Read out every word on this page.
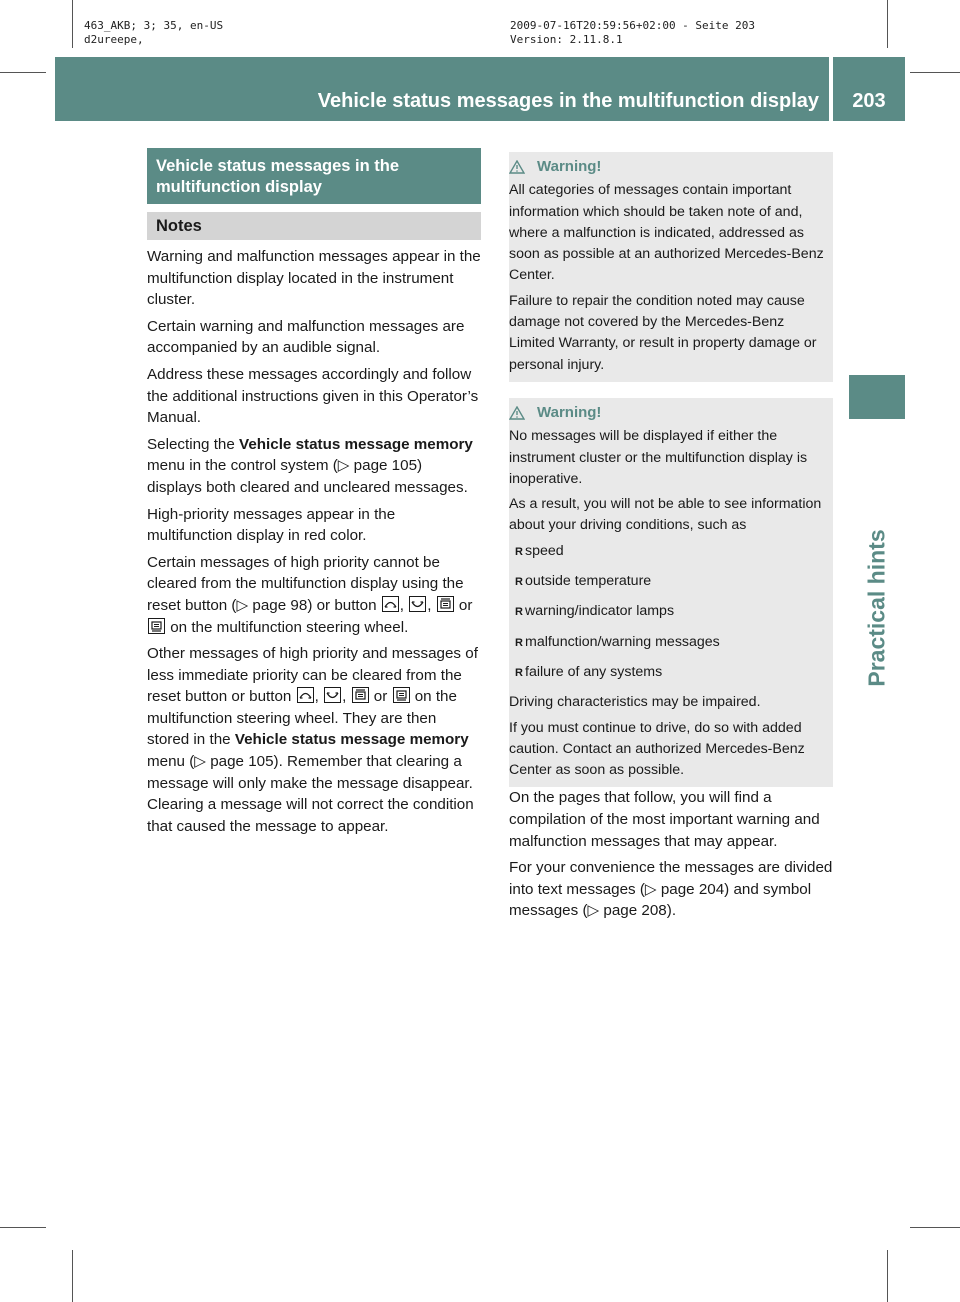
463_AKB; 3; 35, en-US
d2ureepe,
2009-07-16T20:59:56+02:00 - Seite 203
Version: 2.11.8.1
Vehicle status messages in the multifunction display	203
Practical hints
Vehicle status messages in the multifunction display
Notes

Warning and malfunction messages appear in the multifunction display located in the instrument cluster.

Certain warning and malfunction messages are accompanied by an audible signal.

Address these messages accordingly and follow the additional instructions given in this Operator’s Manual.

Selecting the Vehicle status message memory menu in the control system (▷ page 105) displays both cleared and uncleared messages.

High-priority messages appear in the multifunction display in red color.

Certain messages of high priority cannot be cleared from the multifunction display using the reset button (▷ page 98) or button
, ,
or
on the multifunction steering wheel.

Other messages of high priority and messages of less immediate priority can be cleared from the reset button or button
, ,
or
on the multifunction steering wheel. They are then stored in the Vehicle status message memory menu (▷ page 105). Remember that clearing a message will only make the message disappear. Clearing a message will not correct the condition that caused the message to appear.

Warning!

All categories of messages contain important information which should be taken note of and, where a malfunction is indicated, addressed as soon as possible at an authorized Mercedes-Benz Center.

Failure to repair the condition noted may cause damage not covered by the Mercedes-Benz Limited Warranty, or result in property damage or personal injury.

Warning!

No messages will be displayed if either the instrument cluster or the multifunction display is inoperative.

As a result, you will not be able to see information about your driving conditions, such as

R speed
R outside temperature
R warning/indicator lamps
R malfunction/warning messages
R failure of any systems

Driving characteristics may be impaired.

If you must continue to drive, do so with added caution. Contact an authorized Mercedes-Benz Center as soon as possible.

On the pages that follow, you will find a compilation of the most important warning and malfunction messages that may appear.

For your convenience the messages are divided into text messages (▷ page 204) and symbol messages (▷ page 208).
